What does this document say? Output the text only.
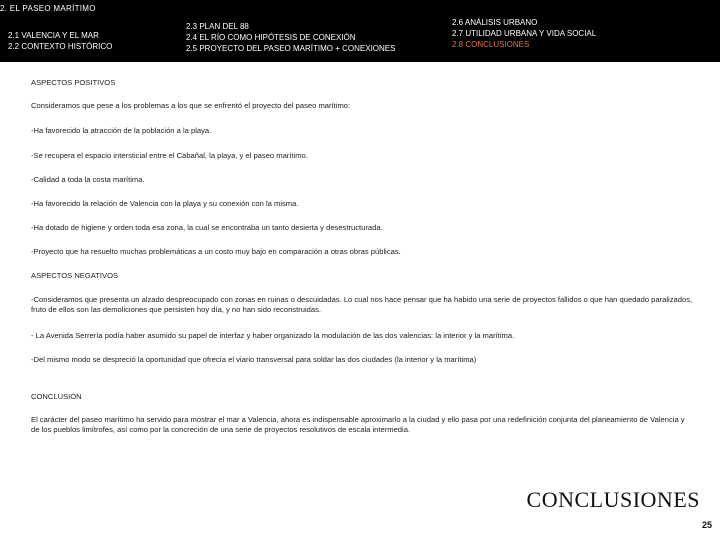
2. EL PASEO MARÍTIMO
2.1 VALENCIA Y EL MAR
2.2 CONTEXTO HISTÓRICO
2.3 PLAN DEL 88
2.4 EL RÍO COMO HIPÓTESIS DE CONEXIÓN
2.5 PROYECTO DEL PASEO MARÍTIMO + CONEXIONES
2.6 ANÁLISIS URBANO
2.7 UTILIDAD URBANA Y VIDA SOCIAL
2.8 CONCLUSIONES

ASPECTOS POSITIVOS

Consideramos que pese a los problemas a los que se enfrentó el proyecto del paseo marítimo:

-Ha favorecido la atracción de la población a la playa.

-Se recupera el espacio intersticial entre el Cabañal, la playa, y el paseo marítimo.

-Calidad a toda la costa marítima.

-Ha favorecido la relación de Valencia con la playa y su conexión con la misma.

-Ha dotado de higiene y orden toda esa zona, la cual se encontraba un tanto desierta y desestructurada.

-Proyecto que ha resuelto muchas problemáticas a un costo muy bajo en comparación a otras obras públicas.

ASPECTOS NEGATIVOS

-Consideramos que presenta un alzado despreocupado con zonas en ruinas o descuidadas. Lo cual nos hace pensar que ha habido una serie de proyectos fallidos o que han quedado paralizados, fruto de ellos son las demoliciones que persisten hoy día, y no han sido reconstruidas.

- La Avenida Serrería podía haber asumido su papel de interfaz y haber organizado la modulación de las dos valencias: la interior y la marítima.

-Del mismo modo se despreció la oportunidad que ofrecía el viario transversal para soldar las dos ciudades (la interior y la marítima)

CONCLUSIÓN

El carácter del paseo marítimo ha servido para mostrar el mar a Valencia, ahora es indispensable aproximarlo a la ciudad y ello pasa por una redefinición conjunta del planeamiento de Valencia y de los pueblos limítrofes, así como por la concreción de una serie de proyectos resolutivos de escala intermedia.

CONCLUSIONES
25
